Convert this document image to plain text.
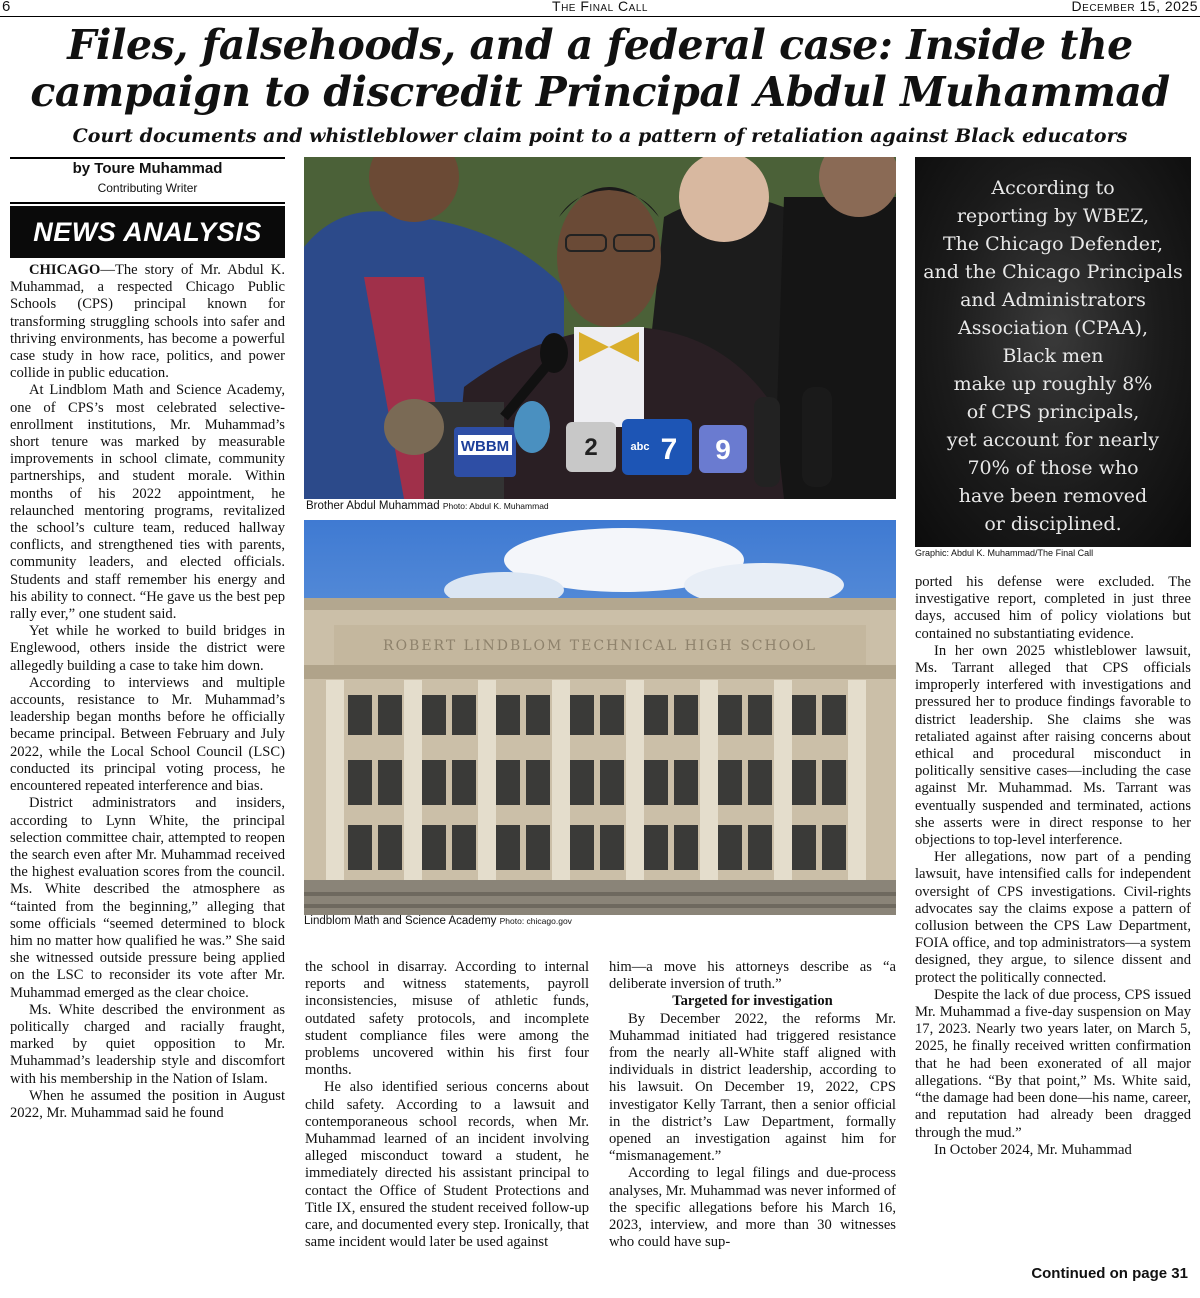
6	The Final Call	December 15, 2025
Files, falsehoods, and a federal case: Inside the campaign to discredit Principal Abdul Muhammad
Court documents and whistleblower claim point to a pattern of retaliation against Black educators
by Toure Muhammad
Contributing Writer
NEWS ANALYSIS

CHICAGO—The story of Mr. Abdul K. Muhammad, a respected Chicago Public Schools (CPS) principal known for transforming struggling schools into safer and thriving environments, has become a powerful case study in how race, politics, and power collide in public education.

At Lindblom Math and Science Academy, one of CPS’s most celebrated selective-enrollment institutions, Mr. Muhammad’s short tenure was marked by measurable improvements in school climate, community partnerships, and student morale. Within months of his 2022 appointment, he relaunched mentoring programs, revitalized the school’s culture team, reduced hallway conflicts, and strengthened ties with parents, community leaders, and elected officials. Students and staff remember his energy and his ability to connect. “He gave us the best pep rally ever,” one student said.

Yet while he worked to build bridges in Englewood, others inside the district were allegedly building a case to take him down.

According to interviews and multiple accounts, resistance to Mr. Muhammad’s leadership began months before he officially became principal. Between February and July 2022, while the Local School Council (LSC) conducted its principal voting process, he encountered repeated interference and bias.

District administrators and insiders, according to Lynn White, the principal selection committee chair, attempted to reopen the search even after Mr. Muhammad received the highest evaluation scores from the council. Ms. White described the atmosphere as “tainted from the beginning,” alleging that some officials “seemed determined to block him no matter how qualified he was.” She said she witnessed outside pressure being applied on the LSC to reconsider its vote after Mr. Muhammad emerged as the clear choice.

Ms. White described the environment as politically charged and racially fraught, marked by quiet opposition to Mr. Muhammad’s leadership style and discomfort with his membership in the Nation of Islam.

When he assumed the position in August 2022, Mr. Muhammad said he found

WBBM	2	abc 7 9
Brother Abdul Muhammad Photo: Abdul K. Muhammad
ROBERT LINDBLOM TECHNICAL HIGH SCHOOL
Lindblom Math and Science Academy Photo: chicago.gov

the school in disarray. According to internal reports and witness statements, payroll inconsistencies, misuse of athletic funds, outdated safety protocols, and incomplete student compliance files were among the problems uncovered within his first four months.

He also identified serious concerns about child safety. According to a lawsuit and contemporaneous school records, when Mr. Muhammad learned of an incident involving alleged misconduct toward a student, he immediately directed his assistant principal to contact the Office of Student Protections and Title IX, ensured the student received follow-up care, and documented every step. Ironically, that same incident would later be used against

him—a move his attorneys describe as “a deliberate inversion of truth.”

Targeted for investigation

By December 2022, the reforms Mr. Muhammad initiated had triggered resistance from the nearly all-White staff aligned with individuals in district leadership, according to his lawsuit. On December 19, 2022, CPS investigator Kelly Tarrant, then a senior official in the district’s Law Department, formally opened an investigation against him for “mismanagement.”

According to legal filings and due-process analyses, Mr. Muhammad was never informed of the specific allegations before his March 16, 2023, interview, and more than 30 witnesses who could have sup-

According to
reporting by WBEZ,
The Chicago Defender,
and the Chicago Principals
and Administrators
Association (CPAA),
Black men
make up roughly 8%
of CPS principals,
yet account for nearly
70% of those who
have been removed
or disciplined.
Graphic: Abdul K. Muhammad/The Final Call

ported his defense were excluded. The investigative report, completed in just three days, accused him of policy violations but contained no substantiating evidence.

In her own 2025 whistleblower lawsuit, Ms. Tarrant alleged that CPS officials improperly interfered with investigations and pressured her to produce findings favorable to district leadership. She claims she was retaliated against after raising concerns about ethical and procedural misconduct in politically sensitive cases—including the case against Mr. Muhammad. Ms. Tarrant was eventually suspended and terminated, actions she asserts were in direct response to her objections to top-level interference.

Her allegations, now part of a pending lawsuit, have intensified calls for independent oversight of CPS investigations. Civil-rights advocates say the claims expose a pattern of collusion between the CPS Law Department, FOIA office, and top administrators—a system designed, they argue, to silence dissent and protect the politically connected.

Despite the lack of due process, CPS issued Mr. Muhammad a five-day suspension on May 17, 2023. Nearly two years later, on March 5, 2025, he finally received written confirmation that he had been exonerated of all major allegations. “By that point,” Ms. White said, “the damage had been done—his name, career, and reputation had already been dragged through the mud.”

In October 2024, Mr. Muhammad

Continued on page 31
